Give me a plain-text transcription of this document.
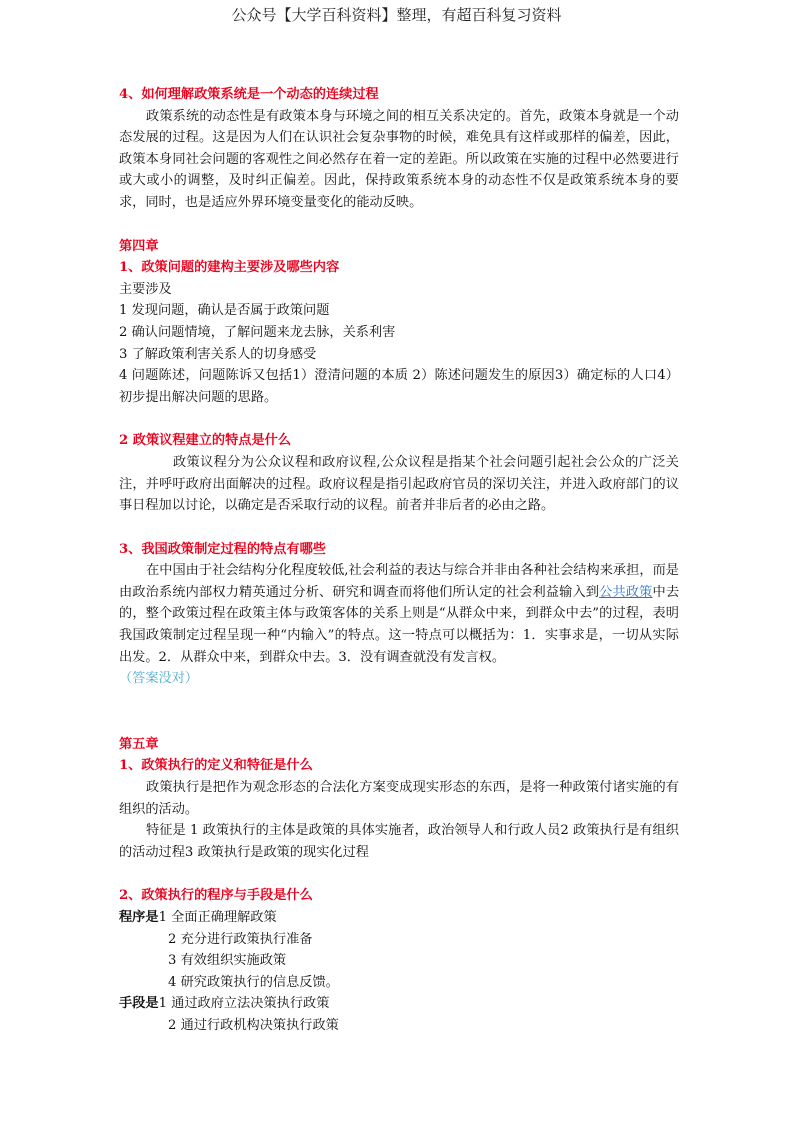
公众号【大学百科资料】整理，有超百科复习资料

4、如何理解政策系统是一个动态的连续过程

政策系统的动态性是有政策本身与环境之间的相互关系决定的。首先，政策本身就是一个动态发展的过程。这是因为人们在认识社会复杂事物的时候，难免具有这样或那样的偏差，因此，政策本身同社会问题的客观性之间必然存在着一定的差距。所以政策在实施的过程中必然要进行或大或小的调整，及时纠正偏差。因此，保持政策系统本身的动态性不仅是政策系统本身的要求，同时，也是适应外界环境变量变化的能动反映。

第四章

1、政策问题的建构主要涉及哪些内容

主要涉及

1 发现问题，确认是否属于政策问题

2 确认问题情境，了解问题来龙去脉，关系利害

3 了解政策利害关系人的切身感受

4 问题陈述，问题陈诉又包括1）澄清问题的本质 2）陈述问题发生的原因3）确定标的人口4）初步提出解决问题的思路。

2 政策议程建立的特点是什么

政策议程分为公众议程和政府议程,公众议程是指某个社会问题引起社会公众的广泛关注，并呼吁政府出面解决的过程。政府议程是指引起政府官员的深切关注，并进入政府部门的议事日程加以讨论，以确定是否采取行动的议程。前者并非后者的必由之路。

3、我国政策制定过程的特点有哪些

在中国由于社会结构分化程度较低,社会利益的表达与综合并非由各种社会结构来承担，而是由政治系统内部权力精英通过分析、研究和调查而将他们所认定的社会利益输入到公共政策中去的，整个政策过程在政策主体与政策客体的关系上则是“从群众中来，到群众中去”的过程，表明我国政策制定过程呈现一种“内输入”的特点。这一特点可以概括为：1．实事求是，一切从实际出发。2．从群众中来，到群众中去。3．没有调查就没有发言权。

（答案没对）

第五章

1、政策执行的定义和特征是什么

政策执行是把作为观念形态的合法化方案变成现实形态的东西，是将一种政策付诸实施的有组织的活动。

特征是 1 政策执行的主体是政策的具体实施者，政治领导人和行政人员2 政策执行是有组织的活动过程3 政策执行是政策的现实化过程

2、政策执行的程序与手段是什么

程序是1 全面正确理解政策

2 充分进行政策执行准备

3 有效组织实施政策

4 研究政策执行的信息反馈。

手段是1 通过政府立法决策执行政策

2 通过行政机构决策执行政策
